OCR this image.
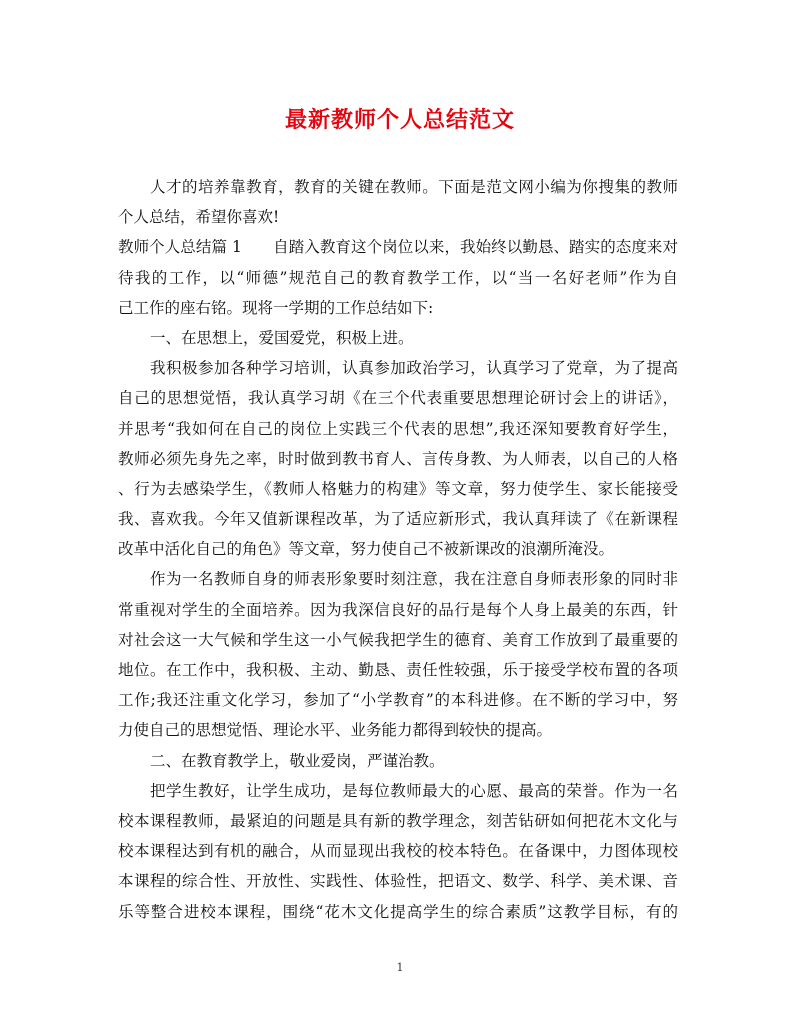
最新教师个人总结范文
人才的培养靠教育，教育的关键在教师。下面是范文网小编为你搜集的教师
个人总结，希望你喜欢!
教师个人总结篇 1　　自踏入教育这个岗位以来，我始终以勤恳、踏实的态度来对
待我的工作，以“师德”规范自己的教育教学工作，以“当一名好老师”作为自
己工作的座右铭。现将一学期的工作总结如下:
一、在思想上，爱国爱党，积极上进。
我积极参加各种学习培训，认真参加政治学习，认真学习了党章，为了提高
自己的思想觉悟，我认真学习胡《在三个代表重要思想理论研讨会上的讲话》，
并思考“我如何在自己的岗位上实践三个代表的思想”,我还深知要教育好学生，
教师必须先身先之率，时时做到教书育人、言传身教、为人师表，以自己的人格
、行为去感染学生，《教师人格魅力的构建》等文章，努力使学生、家长能接受
我、喜欢我。今年又值新课程改革，为了适应新形式，我认真拜读了《在新课程
改革中活化自己的角色》等文章，努力使自己不被新课改的浪潮所淹没。
作为一名教师自身的师表形象要时刻注意，我在注意自身师表形象的同时非
常重视对学生的全面培养。因为我深信良好的品行是每个人身上最美的东西，针
对社会这一大气候和学生这一小气候我把学生的德育、美育工作放到了最重要的
地位。在工作中，我积极、主动、勤恳、责任性较强，乐于接受学校布置的各项
工作;我还注重文化学习，参加了“小学教育”的本科进修。在不断的学习中，努
力使自己的思想觉悟、理论水平、业务能力都得到较快的提高。
二、在教育教学上，敬业爱岗，严谨治教。
把学生教好，让学生成功，是每位教师最大的心愿、最高的荣誉。作为一名
校本课程教师，最紧迫的问题是具有新的教学理念，刻苦钻研如何把花木文化与
校本课程达到有机的融合，从而显现出我校的校本特色。在备课中，力图体现校
本课程的综合性、开放性、实践性、体验性，把语文、数学、科学、美术课、音
乐等整合进校本课程，围绕“花木文化提高学生的综合素质”这教学目标，有的
1
